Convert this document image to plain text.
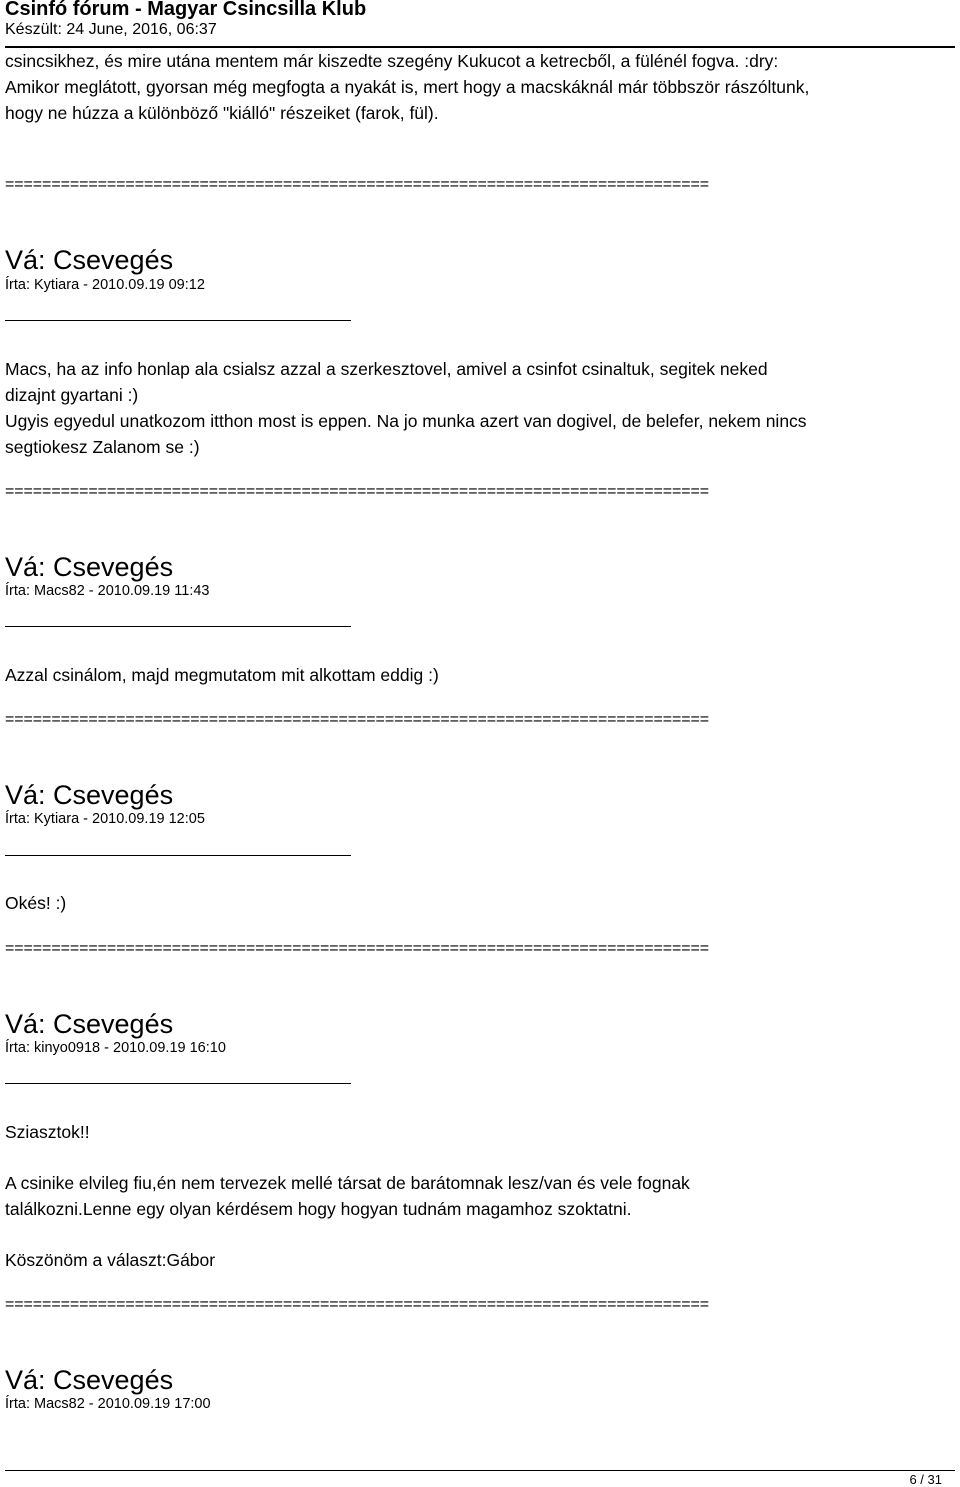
Csinfó fórum - Magyar Csincsilla Klub
Készült: 24 June, 2016, 06:37
csincsikhez, és mire utána mentem már kiszedte szegény Kukucot a ketrecből, a fülénél fogva. :dry:
Amikor meglátott, gyorsan még megfogta a nyakát is, mert hogy a macskáknál már többször rászóltunk,
hogy ne húzza a különböző "kiálló" részeiket (farok, fül).
============================================================================
Vá: Csevegés
Írta: Kytiara - 2010.09.19 09:12
Macs, ha az info honlap ala csialsz azzal a szerkesztovel, amivel a csinfot csinaltuk, segitek neked
dizajnt gyartani :)
Ugyis egyedul unatkozom itthon most is eppen. Na jo munka azert van dogivel, de belefer, nekem nincs
segtiokesz Zalanom se :)
============================================================================
Vá: Csevegés
Írta: Macs82 - 2010.09.19 11:43
Azzal csinálom, majd megmutatom mit alkottam eddig :)
============================================================================
Vá: Csevegés
Írta: Kytiara - 2010.09.19 12:05
Okés! :)
============================================================================
Vá: Csevegés
Írta: kinyo0918 - 2010.09.19 16:10
Sziasztok!!
A csinike elvileg fiu,én nem tervezek mellé társat de barátomnak lesz/van és vele fognak
találkozni.Lenne egy olyan kérdésem hogy hogyan tudnám magamhoz szoktatni.
Köszönöm a választ:Gábor
============================================================================
Vá: Csevegés
Írta: Macs82 - 2010.09.19 17:00
6 / 31
